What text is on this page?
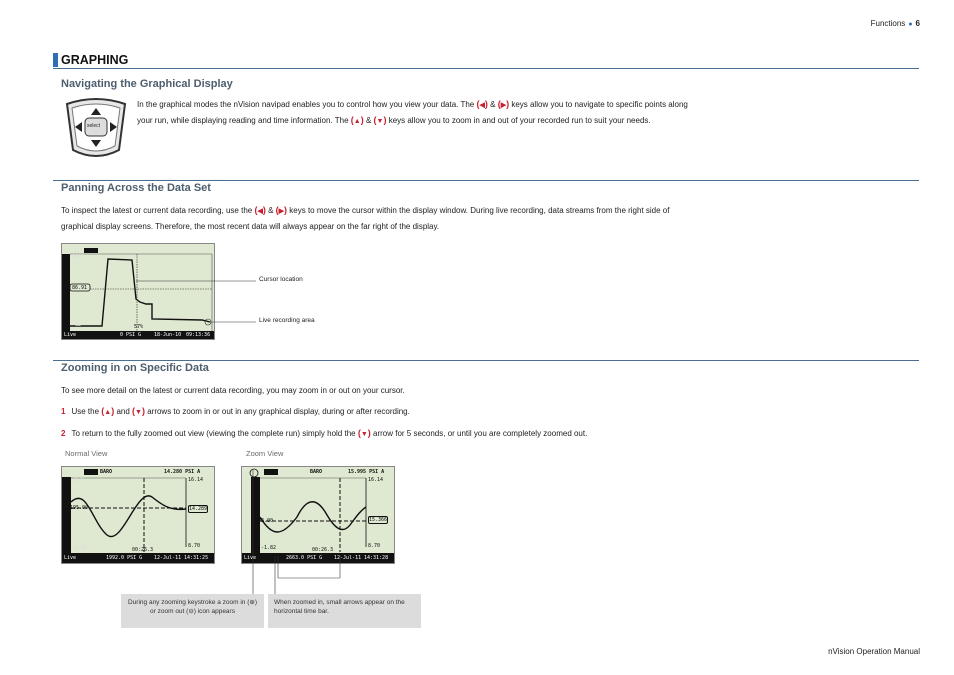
Functions ● 6
GRAPHING
Navigating the Graphical Display
select
In the graphical modes the nVision navipad enables you to control how you view your data. The (◀) & (▶) keys allow you to navigate to specific points along your run, while displaying reading and time information. The (▲) & (▼) keys allow you to zoom in and out of your recorded run to suit your needs.
Panning Across the Data Set
To inspect the latest or current data recording, use the (◀) & (▶) keys to move the cursor within the display window. During live recording, data streams from the right side of graphical display screens. Therefore, the most recent data will always appear on the far right of the display.
1692
86.91
-12	57%
Live	0 PSI G	18-Jun-10 09:13:36
Cursor location
Live recording area
Zooming in on Specific Data
To see more detail on the latest or current data recording, you may zoom in or out on your cursor.
1 Use the (▲) and (▼) arrows to zoom in or out in any graphical display, during or after recording.
2 To return to the fully zoomed out view (viewing the complete run) simply hold the (▼) arrow for 5 seconds, or until you are completely zoomed out.
Normal View	Zoom View
BARO	14.280 PSI A
3470	16.14
195.00	14.289
-1.82	8.70
00:26.3
Live	1992.0 PSI G 12-Jul-11 14:31:25
BARO	15.995 PSI A
16.14
1293.00	15.366
-1.82	8.70
00:26.3
Live	2663.0 PSI G 12-Jul-11 14:31:28
During any zooming keystroke a zoom in (⊕) or zoom out (⊖) icon appears
When zoomed in, small arrows appear on the horizontal time bar.
nVision Operation Manual
